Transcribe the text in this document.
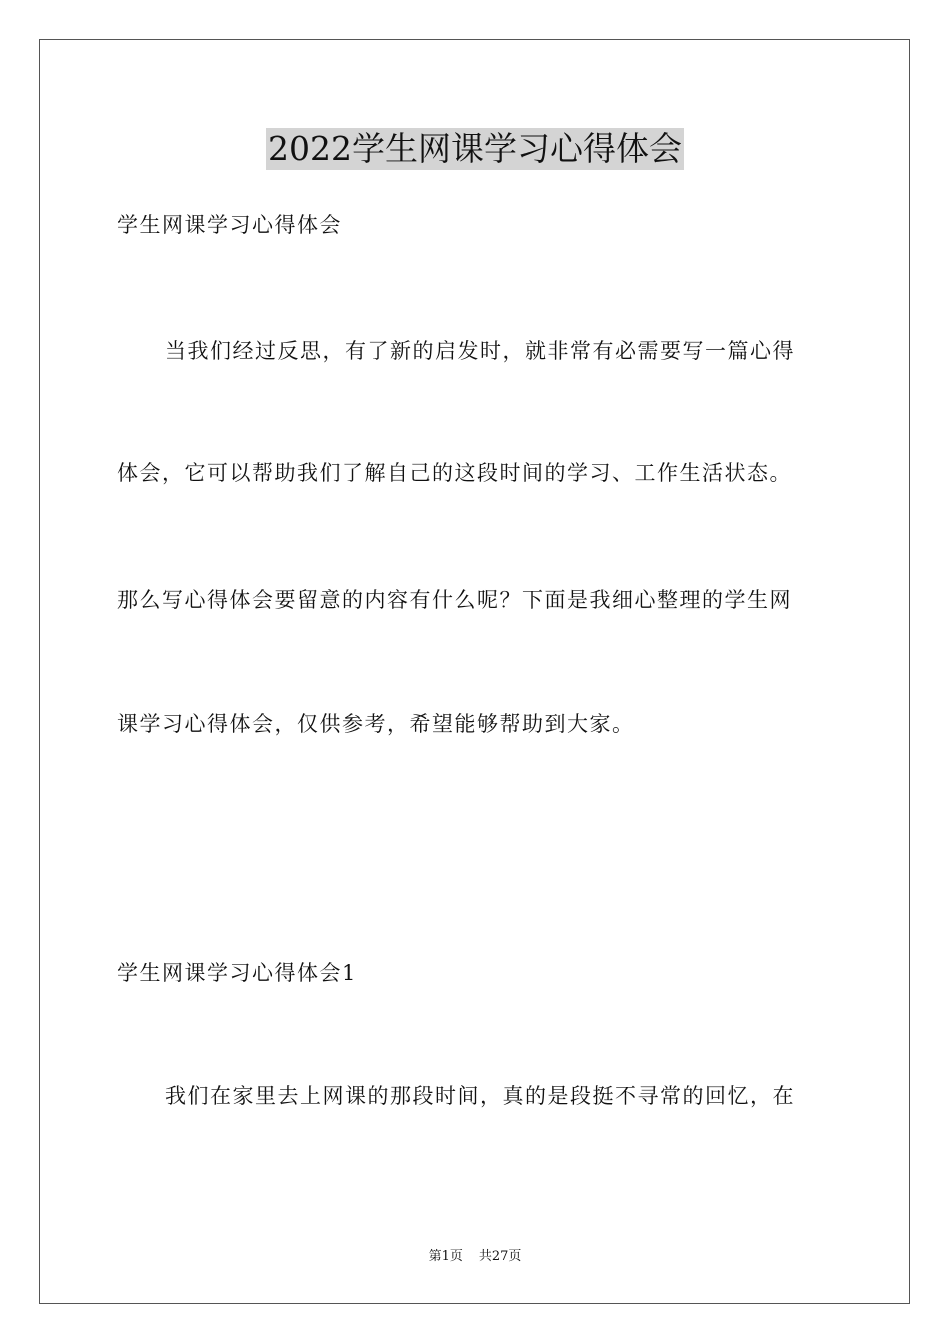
2022学生网课学习心得体会

学生网课学习心得体会

当我们经过反思，有了新的启发时，就非常有必需要写一篇心得

体会，它可以帮助我们了解自己的这段时间的学习、工作生活状态。

那么写心得体会要留意的内容有什么呢？下面是我细心整理的学生网

课学习心得体会，仅供参考，希望能够帮助到大家。

学生网课学习心得体会1

我们在家里去上网课的那段时间，真的是段挺不寻常的回忆，在

第1页 共27页
